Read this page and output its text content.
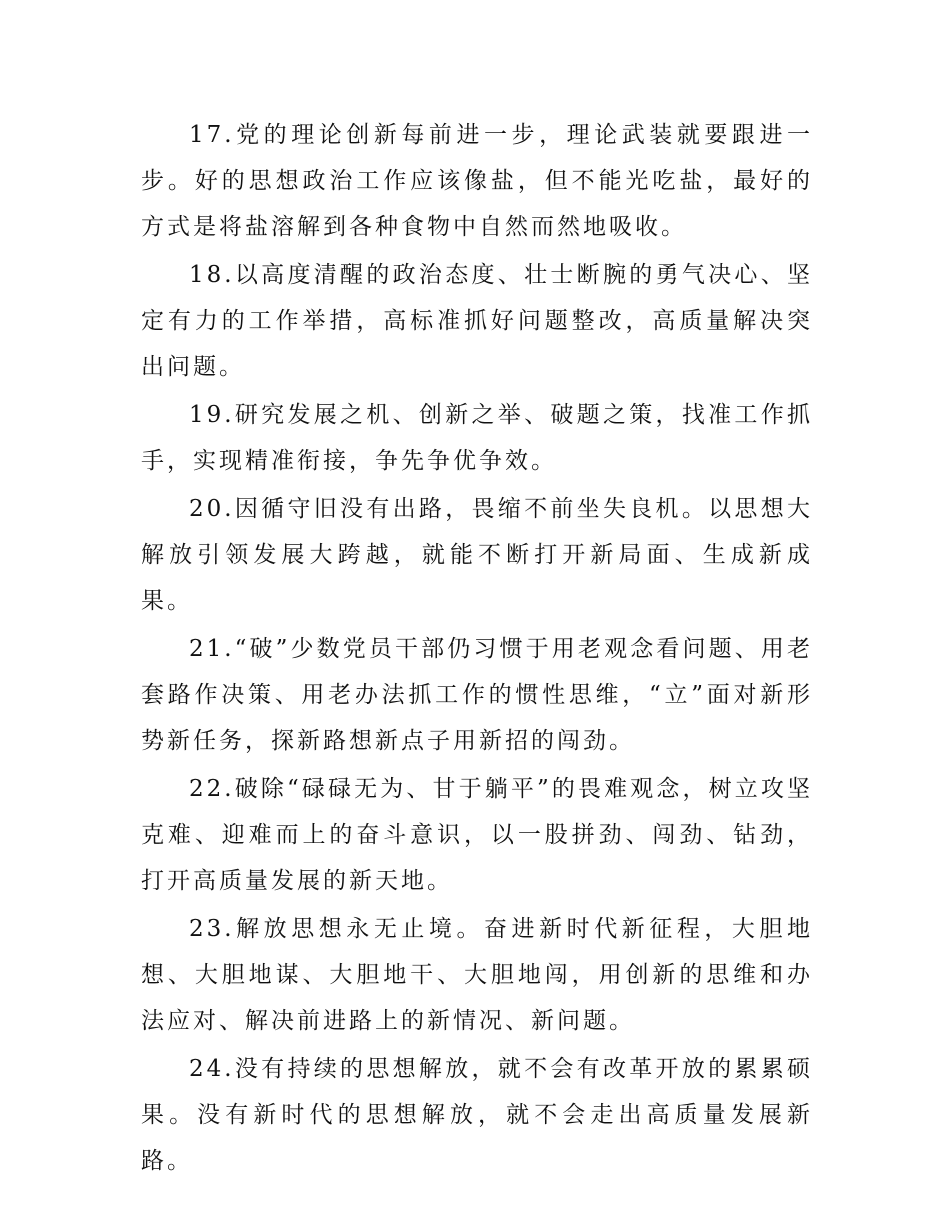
17.党的理论创新每前进一步，理论武装就要跟进一步。好的思想政治工作应该像盐，但不能光吃盐，最好的方式是将盐溶解到各种食物中自然而然地吸收。

18.以高度清醒的政治态度、壮士断腕的勇气决心、坚定有力的工作举措，高标准抓好问题整改，高质量解决突出问题。

19.研究发展之机、创新之举、破题之策，找准工作抓手，实现精准衔接，争先争优争效。

20.因循守旧没有出路，畏缩不前坐失良机。以思想大解放引领发展大跨越，就能不断打开新局面、生成新成果。

21.“破”少数党员干部仍习惯于用老观念看问题、用老套路作决策、用老办法抓工作的惯性思维，“立”面对新形势新任务，探新路想新点子用新招的闯劲。

22.破除“碌碌无为、甘于躺平”的畏难观念，树立攻坚克难、迎难而上的奋斗意识，以一股拼劲、闯劲、钻劲，打开高质量发展的新天地。

23.解放思想永无止境。奋进新时代新征程，大胆地想、大胆地谋、大胆地干、大胆地闯，用创新的思维和办法应对、解决前进路上的新情况、新问题。

24.没有持续的思想解放，就不会有改革开放的累累硕果。没有新时代的思想解放，就不会走出高质量发展新路。
